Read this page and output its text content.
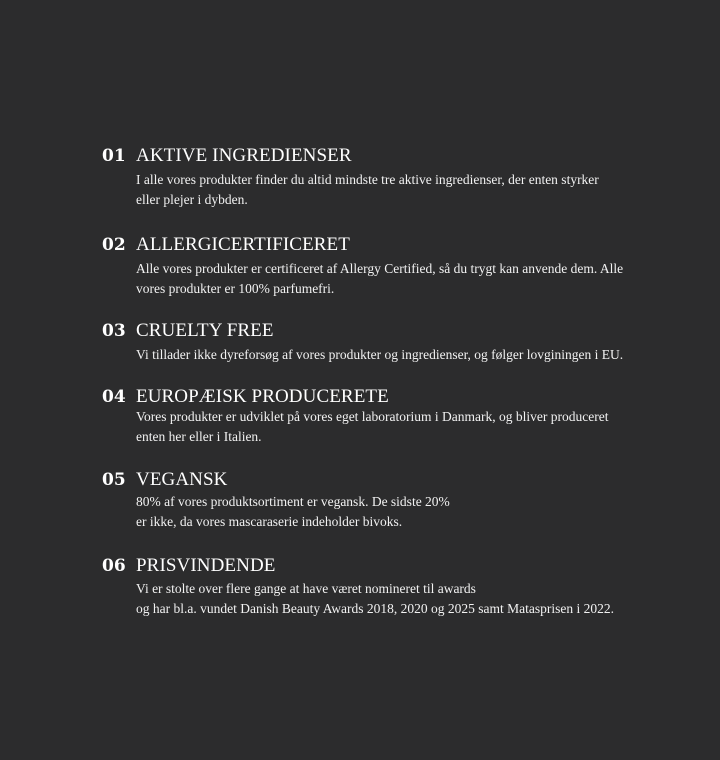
01 AKTIVE INGREDIENSER
I alle vores produkter finder du altid mindste tre aktive ingredienser, der enten styrker
eller plejer i dybden.
02 ALLERGICERTIFICERET
Alle vores produkter er certificeret af Allergy Certified, så du trygt kan anvende dem. Alle
vores produkter er 100% parfumefri.
03 CRUELTY FREE
Vi tillader ikke dyreforsøg af vores produkter og ingredienser, og følger lovginingen i EU.
04 EUROPÆISK PRODUCERETE
Vores produkter er udviklet på vores eget laboratorium i Danmark, og bliver produceret
enten her eller i Italien.
05 VEGANSK
80% af vores produktsortiment er vegansk. De sidste 20%
er ikke, da vores mascaraserie indeholder bivoks.
06 PRISVINDENDE
Vi er stolte over flere gange at have været nomineret til awards
og har bl.a. vundet Danish Beauty Awards 2018, 2020 og 2025 samt Matasprisen i 2022.
